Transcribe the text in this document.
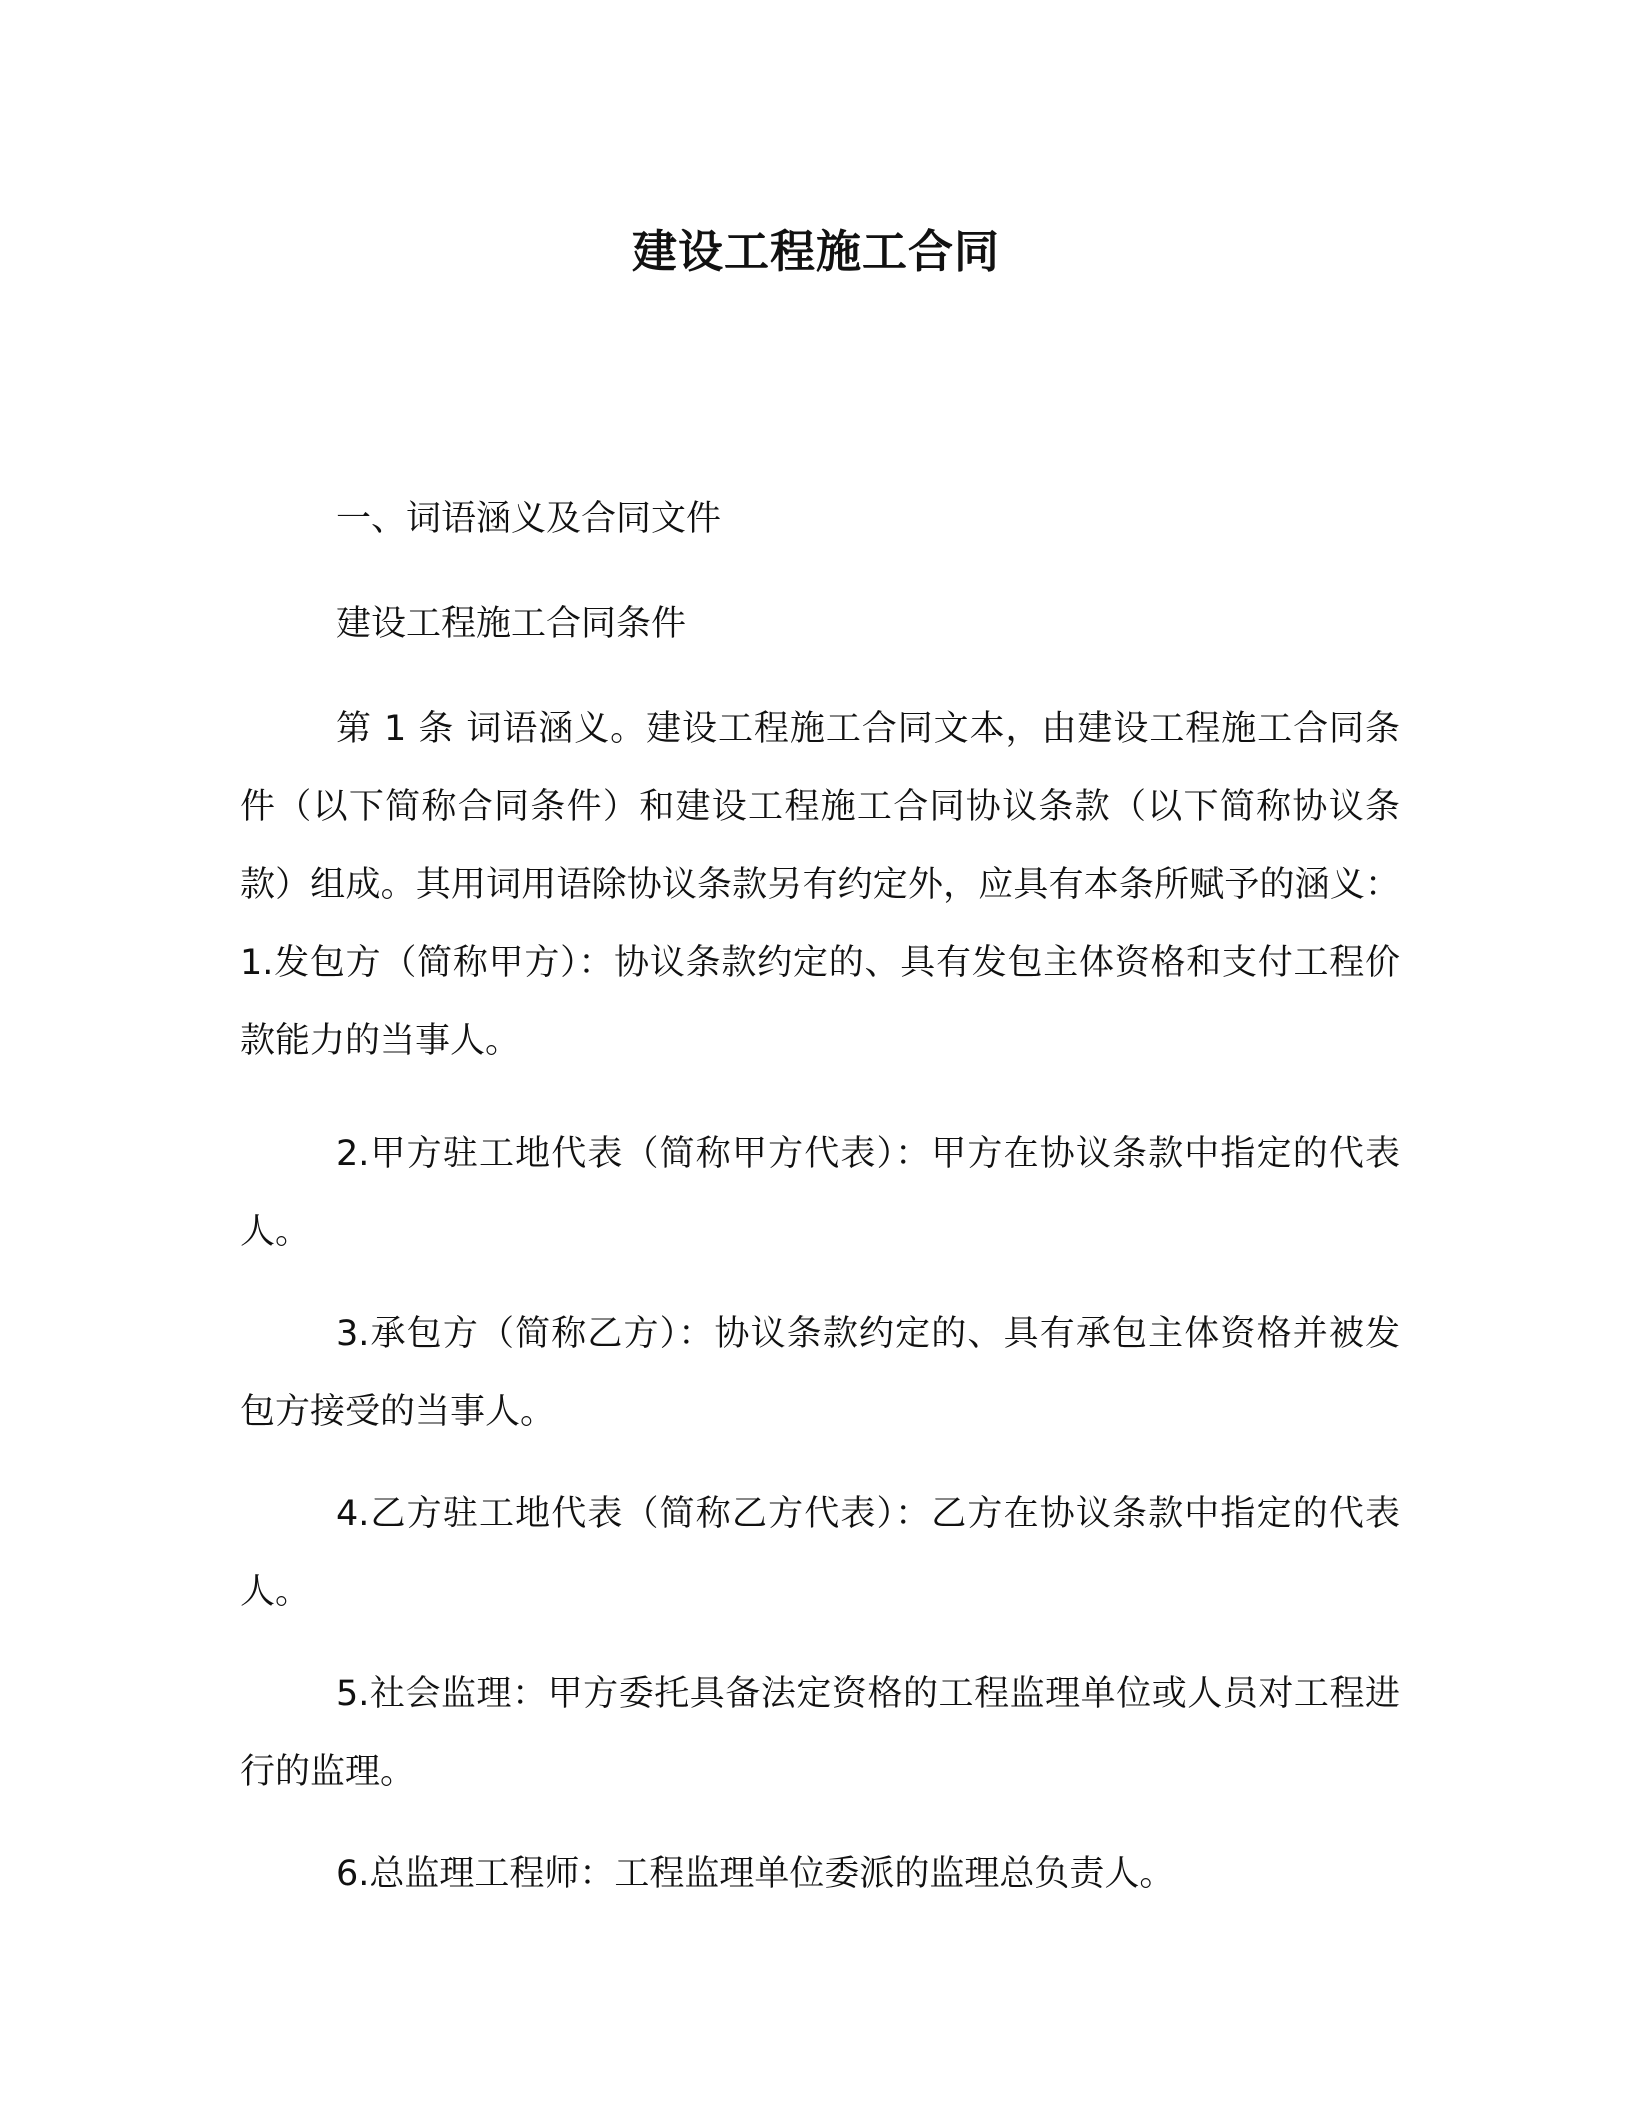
建设工程施工合同

一、词语涵义及合同文件

建设工程施工合同条件

第 1 条 词语涵义。建设工程施工合同文本，由建设工程施工合同条件（以下简称合同条件）和建设工程施工合同协议条款（以下简称协议条款）组成。其用词用语除协议条款另有约定外，应具有本条所赋予的涵义：1.发包方（简称甲方）：协议条款约定的、具有发包主体资格和支付工程价款能力的当事人。

2.甲方驻工地代表（简称甲方代表）：甲方在协议条款中指定的代表人。

3.承包方（简称乙方）：协议条款约定的、具有承包主体资格并被发包方接受的当事人。

4.乙方驻工地代表（简称乙方代表）：乙方在协议条款中指定的代表人。

5.社会监理：甲方委托具备法定资格的工程监理单位或人员对工程进行的监理。

6.总监理工程师：工程监理单位委派的监理总负责人。
